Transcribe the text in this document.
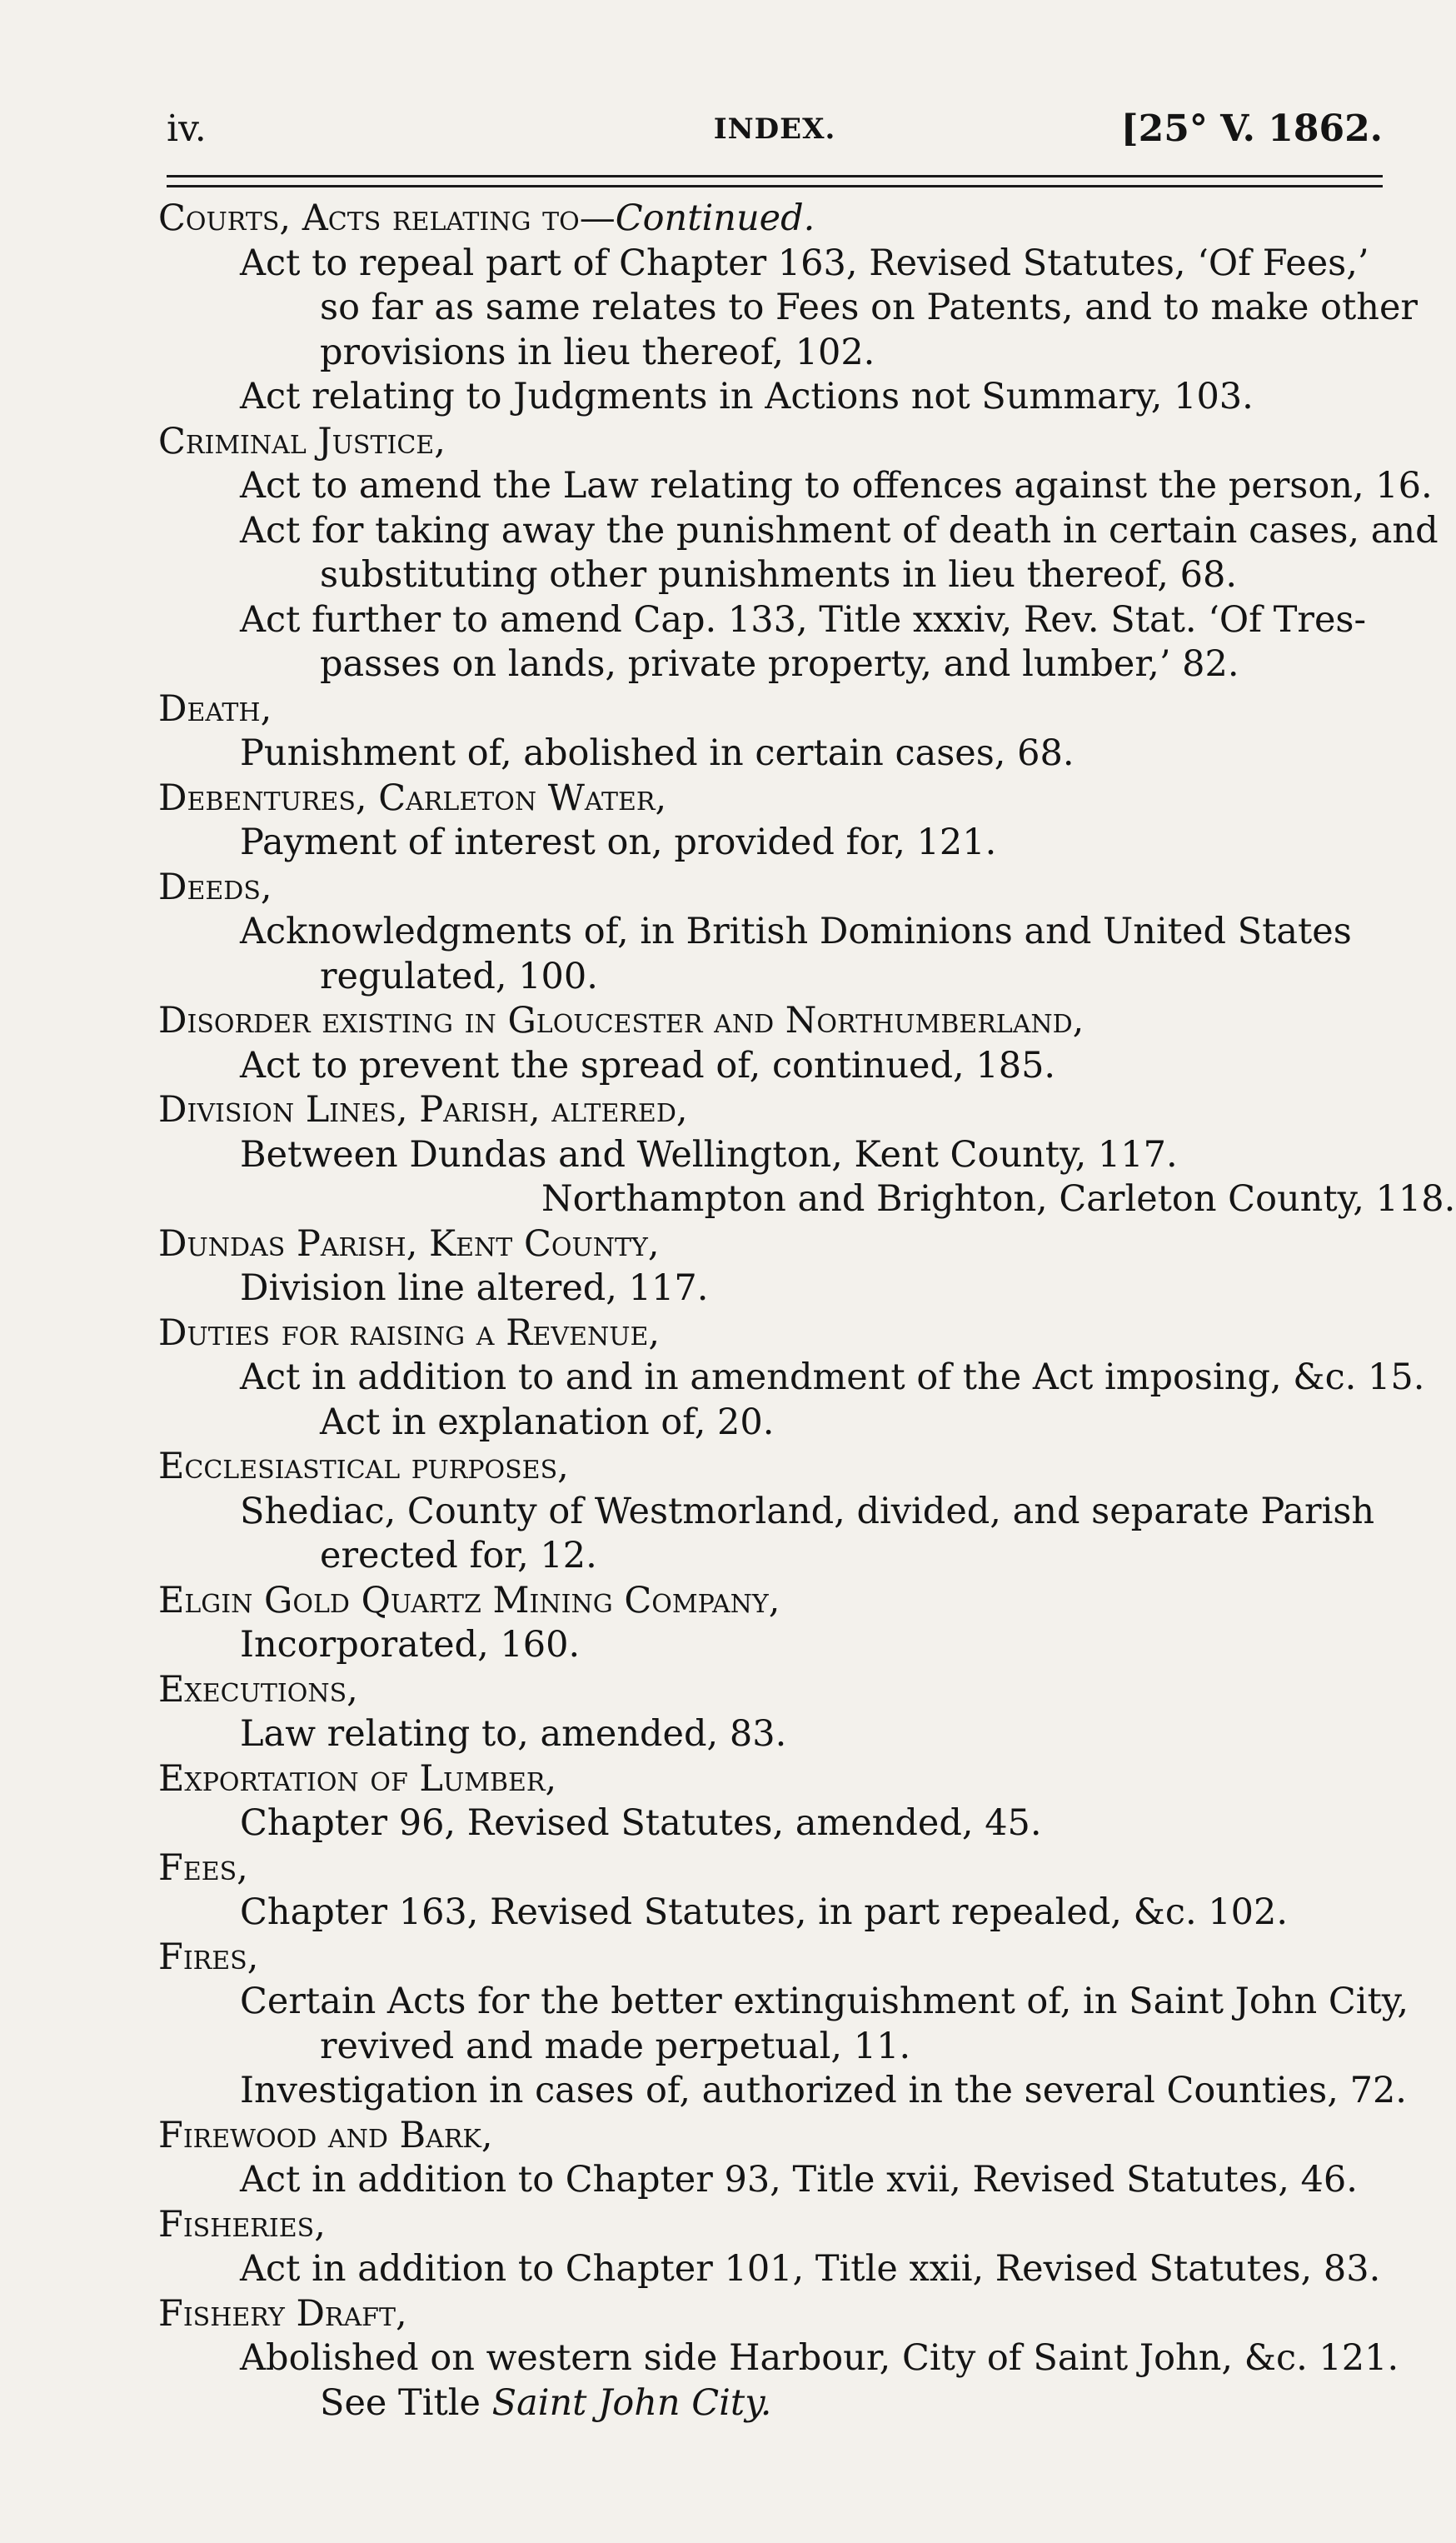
iv.	INDEX.	[25° V. 1862.
Courts, Acts relating to—Continued.
Act to repeal part of Chapter 163, Revised Statutes, ‘Of Fees,’
so far as same relates to Fees on Patents, and to make other
provisions in lieu thereof, 102.
Act relating to Judgments in Actions not Summary, 103.
Criminal Justice,
Act to amend the Law relating to offences against the person, 16.
Act for taking away the punishment of death in certain cases, and
substituting other punishments in lieu thereof, 68.
Act further to amend Cap. 133, Title xxxiv, Rev. Stat. ‘Of Tres-
passes on lands, private property, and lumber,’ 82.
Death,
Punishment of, abolished in certain cases, 68.
Debentures, Carleton Water,
Payment of interest on, provided for, 121.
Deeds,
Acknowledgments of, in British Dominions and United States
regulated, 100.
Disorder existing in Gloucester and Northumberland,
Act to prevent the spread of, continued, 185.
Division Lines, Parish, altered,
Between Dundas and Wellington, Kent County, 117.
Northampton and Brighton, Carleton County, 118.
Dundas Parish, Kent County,
Division line altered, 117.
Duties for raising a Revenue,
Act in addition to and in amendment of the Act imposing, &c. 15.
Act in explanation of, 20.
Ecclesiastical purposes,
Shediac, County of Westmorland, divided, and separate Parish
erected for, 12.
Elgin Gold Quartz Mining Company,
Incorporated, 160.
Executions,
Law relating to, amended, 83.
Exportation of Lumber,
Chapter 96, Revised Statutes, amended, 45.
Fees,
Chapter 163, Revised Statutes, in part repealed, &c. 102.
Fires,
Certain Acts for the better extinguishment of, in Saint John City,
revived and made perpetual, 11.
Investigation in cases of, authorized in the several Counties, 72.
Firewood and Bark,
Act in addition to Chapter 93, Title xvii, Revised Statutes, 46.
Fisheries,
Act in addition to Chapter 101, Title xxii, Revised Statutes, 83.
Fishery Draft,
Abolished on western side Harbour, City of Saint John, &c. 121.
See Title Saint John City.
